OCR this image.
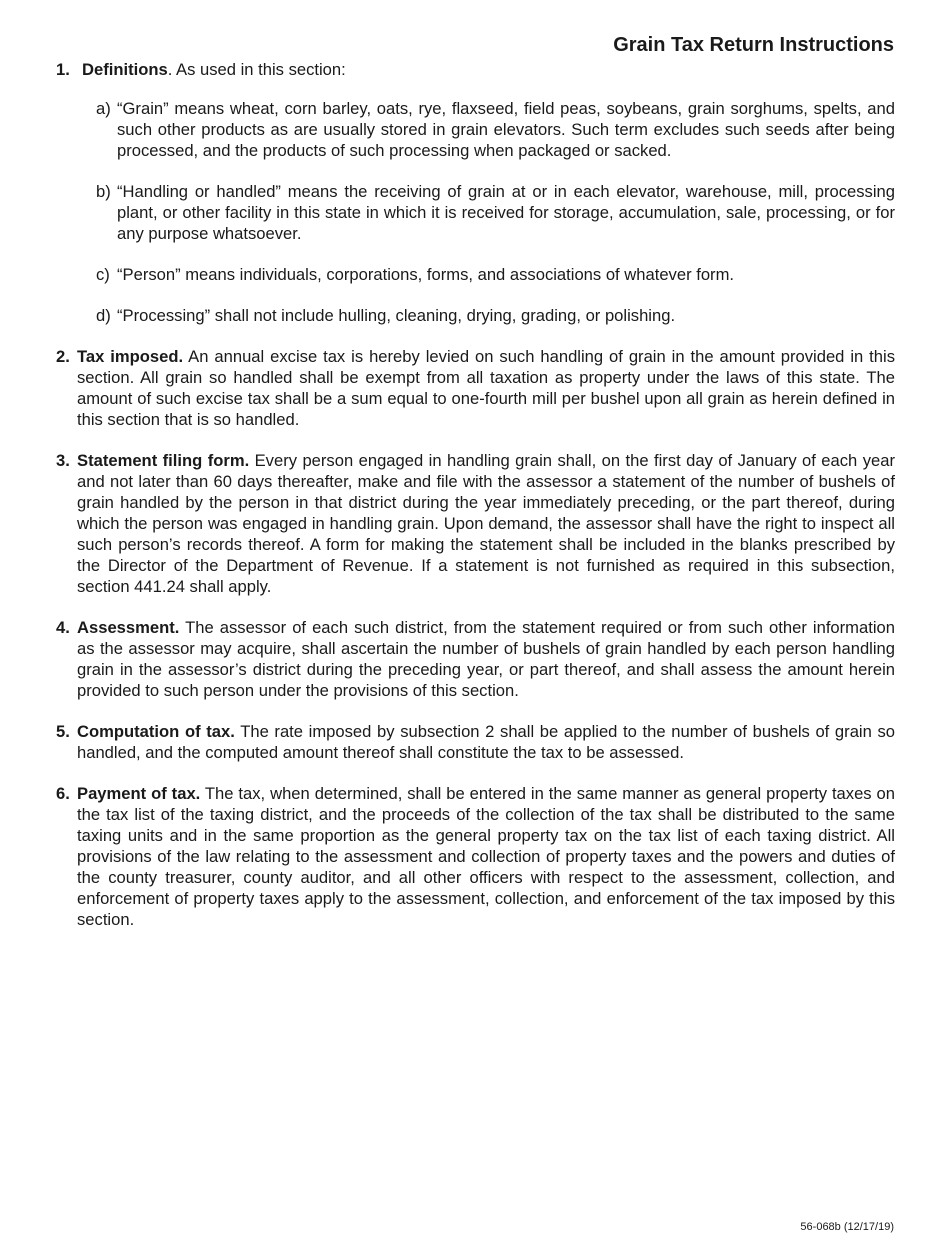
Grain Tax Return Instructions
1. Definitions. As used in this section:
a) “Grain” means wheat, corn barley, oats, rye, flaxseed, field peas, soybeans, grain sorghums, spelts, and such other products as are usually stored in grain elevators. Such term excludes such seeds after being processed, and the products of such processing when packaged or sacked.
b) “Handling or handled” means the receiving of grain at or in each elevator, warehouse, mill, processing plant, or other facility in this state in which it is received for storage, accumulation, sale, processing, or for any purpose whatsoever.
c) “Person” means individuals, corporations, forms, and associations of whatever form.
d) “Processing” shall not include hulling, cleaning, drying, grading, or polishing.
2. Tax imposed. An annual excise tax is hereby levied on such handling of grain in the amount provided in this section. All grain so handled shall be exempt from all taxation as property under the laws of this state. The amount of such excise tax shall be a sum equal to one-fourth mill per bushel upon all grain as herein defined in this section that is so handled.
3. Statement filing form. Every person engaged in handling grain shall, on the first day of January of each year and not later than 60 days thereafter, make and file with the assessor a statement of the number of bushels of grain handled by the person in that district during the year immediately preceding, or the part thereof, during which the person was engaged in handling grain. Upon demand, the assessor shall have the right to inspect all such person’s records thereof. A form for making the statement shall be included in the blanks prescribed by the Director of the Department of Revenue. If a statement is not furnished as required in this subsection, section 441.24 shall apply.
4. Assessment. The assessor of each such district, from the statement required or from such other information as the assessor may acquire, shall ascertain the number of bushels of grain handled by each person handling grain in the assessor’s district during the preceding year, or part thereof, and shall assess the amount herein provided to such person under the provisions of this section.
5. Computation of tax. The rate imposed by subsection 2 shall be applied to the number of bushels of grain so handled, and the computed amount thereof shall constitute the tax to be assessed.
6. Payment of tax. The tax, when determined, shall be entered in the same manner as general property taxes on the tax list of the taxing district, and the proceeds of the collection of the tax shall be distributed to the same taxing units and in the same proportion as the general property tax on the tax list of each taxing district. All provisions of the law relating to the assessment and collection of property taxes and the powers and duties of the county treasurer, county auditor, and all other officers with respect to the assessment, collection, and enforcement of property taxes apply to the assessment, collection, and enforcement of the tax imposed by this section.
56-068b (12/17/19)
